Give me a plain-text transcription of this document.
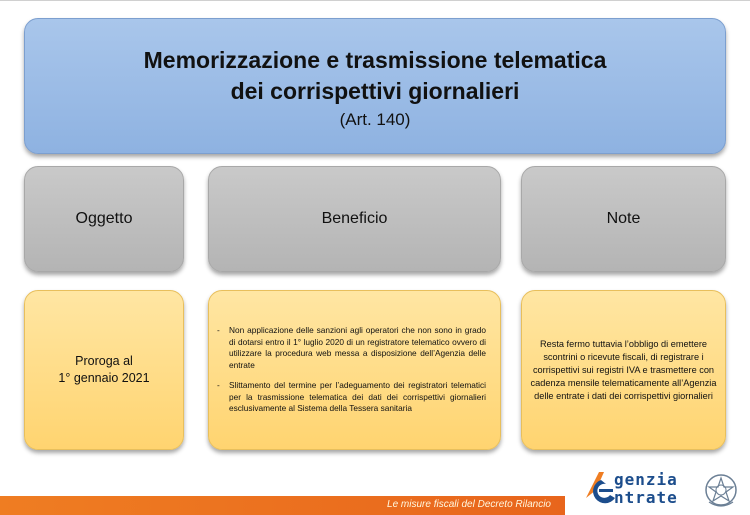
Memorizzazione e trasmissione telematica
dei corrispettivi giornalieri
(Art. 140)
Oggetto	Beneficio	Note
Proroga al
1° gennaio 2021
- Non applicazione delle sanzioni agli operatori che non sono in grado di dotarsi entro il 1° luglio 2020 di un registratore telematico ovvero di utilizzare la procedura web messa a disposizione dell’Agenzia delle entrate
- Slittamento del termine per l’adeguamento dei registratori telematici per la trasmissione telematica dei dati dei corrispettivi giornalieri esclusivamente al Sistema della Tessera sanitaria
Resta fermo tuttavia l’obbligo di emettere scontrini o ricevute fiscali, di registrare i corrispettivi sui registri IVA e trasmettere con cadenza mensile telematicamente all’Agenzia delle entrate i dati dei corrispettivi giornalieri
Le misure fiscali del Decreto Rilancio
genzia
ntrate
